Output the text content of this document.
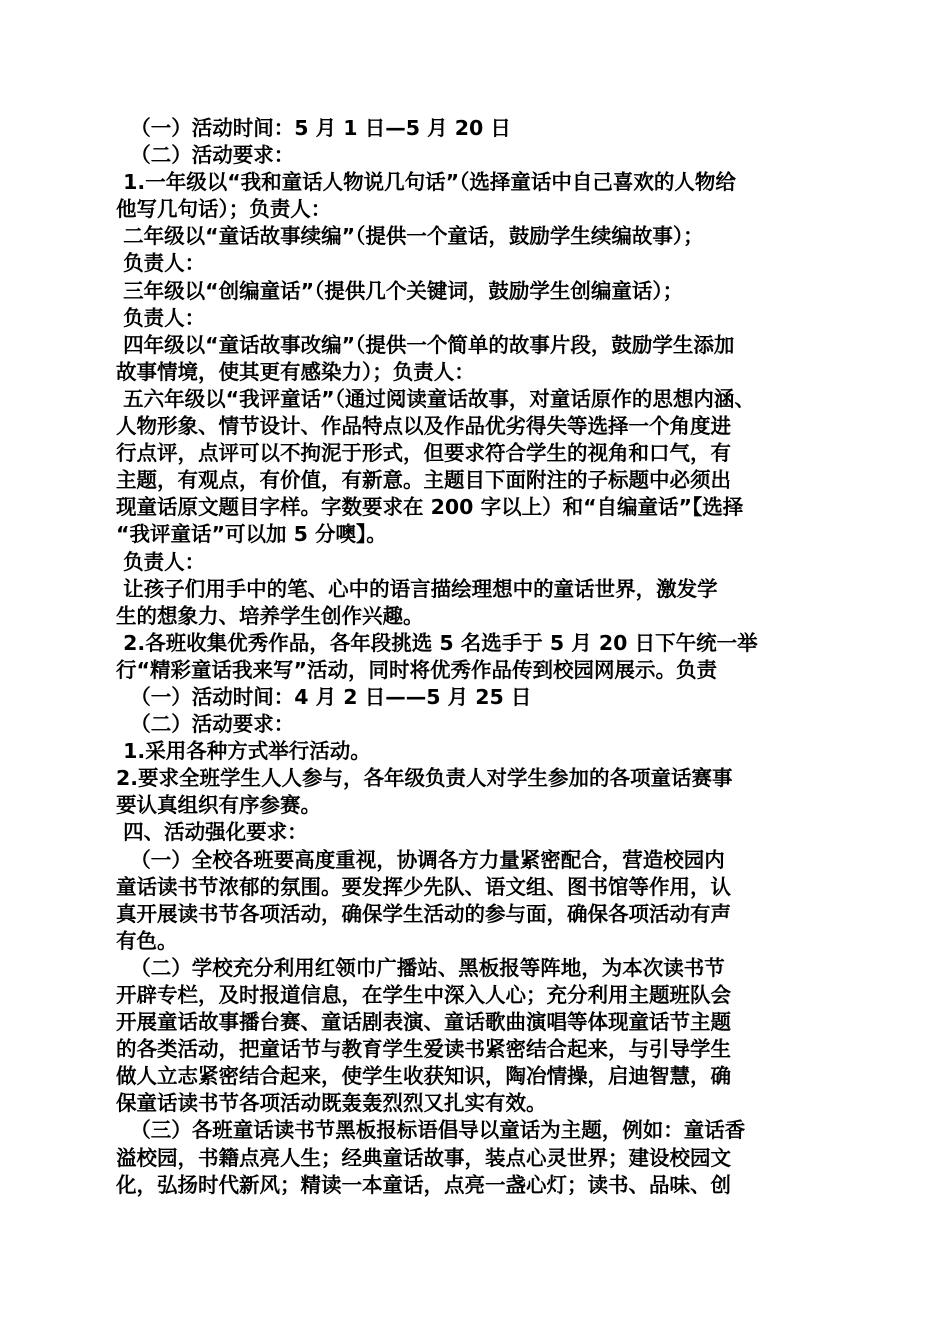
（一）活动时间：5 月 1 日—5 月 20 日

（二）活动要求：

1.一年级以“我和童话人物说几句话”（选择童话中自己喜欢的人物给

他写几句话）；负责人：

二年级以“童话故事续编”（提供一个童话，鼓励学生续编故事）；

负责人：

三年级以“创编童话”（提供几个关键词，鼓励学生创编童话）；

负责人：

四年级以“童话故事改编”（提供一个简单的故事片段，鼓励学生添加

故事情境，使其更有感染力）；负责人：

五六年级以“我评童话”（通过阅读童话故事，对童话原作的思想内涵、

人物形象、情节设计、作品特点以及作品优劣得失等选择一个角度进

行点评，点评可以不拘泥于形式，但要求符合学生的视角和口气，有

主题，有观点，有价值，有新意。主题目下面附注的子标题中必须出

现童话原文题目字样。字数要求在 200 字以上）和“自编童话”【选择

“我评童话”可以加 5 分噢】。

负责人：

让孩子们用手中的笔、心中的语言描绘理想中的童话世界，激发学

生的想象力、培养学生创作兴趣。

2.各班收集优秀作品，各年段挑选 5 名选手于 5 月 20 日下午统一举

行“精彩童话我来写”活动，同时将优秀作品传到校园网展示。负责

（一）活动时间：4 月 2 日——5 月 25 日

（二）活动要求：

1.采用各种方式举行活动。

2.要求全班学生人人参与，各年级负责人对学生参加的各项童话赛事

要认真组织有序参赛。

四、活动强化要求：

（一）全校各班要高度重视，协调各方力量紧密配合，营造校园内

童话读书节浓郁的氛围。要发挥少先队、语文组、图书馆等作用，认

真开展读书节各项活动，确保学生活动的参与面，确保各项活动有声

有色。

（二）学校充分利用红领巾广播站、黑板报等阵地，为本次读书节

开辟专栏，及时报道信息，在学生中深入人心；充分利用主题班队会

开展童话故事播台赛、童话剧表演、童话歌曲演唱等体现童话节主题

的各类活动，把童话节与教育学生爱读书紧密结合起来，与引导学生

做人立志紧密结合起来，使学生收获知识，陶冶情操，启迪智慧，确

保童话读书节各项活动既轰轰烈烈又扎实有效。

（三）各班童话读书节黑板报标语倡导以童话为主题，例如：童话香

溢校园，书籍点亮人生；经典童话故事，装点心灵世界；建设校园文

化，弘扬时代新风；精读一本童话，点亮一盏心灯；读书、品味、创
